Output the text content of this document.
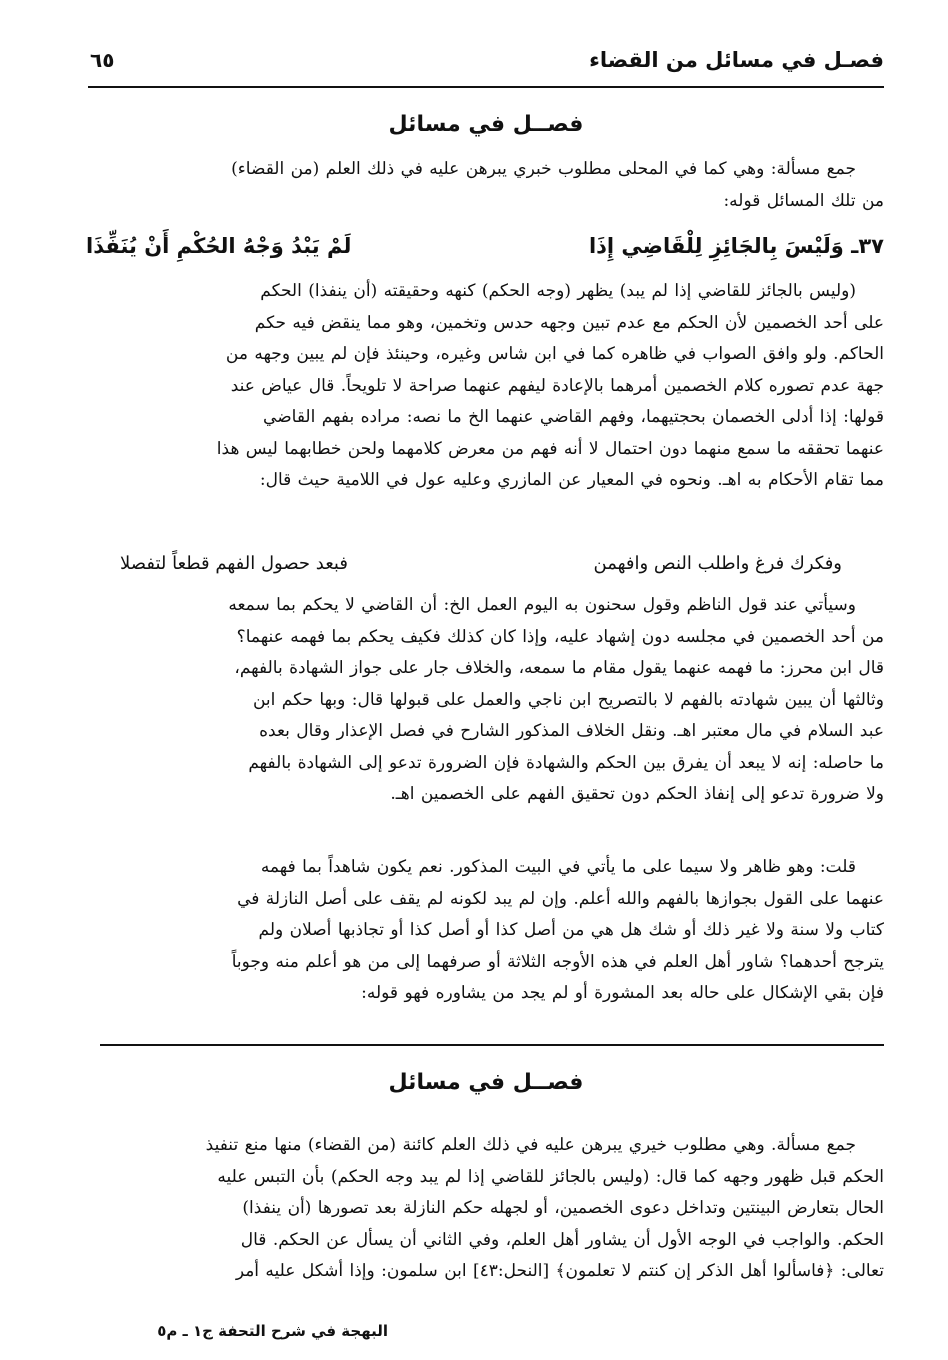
فصـل في مسائل من القضاء
٦٥
فصــل في مسائل

جمع مسألة: وهي كما في المحلى مطلوب خبري يبرهن عليه في ذلك العلم (من القضاء)

من تلك المسائل قوله:

٣٧ـ وَلَيْسَ بِالجَائِزِ لِلْقَاضِي إِذَا
لَمْ يَبْدُ وَجْهُ الحُكْمِ أَنْ يُنَفِّذَا

(وليس بالجائز للقاضي إذا لم يبد) يظهر (وجه الحكم) كنهه وحقيقته (أن ينفذا) الحكم

على أحد الخصمين لأن الحكم مع عدم تبين وجهه حدس وتخمين، وهو مما ينقض فيه حكم

الحاكم. ولو وافق الصواب في ظاهره كما في ابن شاس وغيره، وحينئذ فإن لم يبين وجهه من

جهة عدم تصوره كلام الخصمين أمرهما بالإعادة ليفهم عنهما صراحة لا تلويحاً. قال عياض عند

قولها: إذا أدلى الخصمان بحجتيهما، وفهم القاضي عنهما الخ ما نصه: مراده بفهم القاضي

عنهما تحققه ما سمع منهما دون احتمال لا أنه فهم من معرض كلامهما ولحن خطابهما ليس هذا

مما تقام الأحكام به اهـ. ونحوه في المعيار عن المازري وعليه عول في اللامية حيث قال:

وفكرك فرغ واطلب النص وافهمن
فبعد حصول الفهم قطعاً لتفصلا

وسيأتي عند قول الناظم وقول سحنون به اليوم العمل الخ: أن القاضي لا يحكم بما سمعه

من أحد الخصمين في مجلسه دون إشهاد عليه، وإذا كان كذلك فكيف يحكم بما فهمه عنهما؟

قال ابن محرز: ما فهمه عنهما يقول مقام ما سمعه، والخلاف جار على جواز الشهادة بالفهم،

وثالثها أن يبين شهادته بالفهم لا بالتصريح ابن ناجي والعمل على قبولها قال: وبها حكم ابن

عبد السلام في مال معتبر اهـ. ونقل الخلاف المذكور الشارح في فصل الإعذار وقال بعده

ما حاصله: إنه لا يبعد أن يفرق بين الحكم والشهادة فإن الضرورة تدعو إلى الشهادة بالفهم

ولا ضرورة تدعو إلى إنفاذ الحكم دون تحقيق الفهم على الخصمين اهـ.

قلت: وهو ظاهر ولا سيما على ما يأتي في البيت المذكور. نعم يكون شاهداً بما فهمه

عنهما على القول بجوازها بالفهم والله أعلم. وإن لم يبد لكونه لم يقف على أصل النازلة في

كتاب ولا سنة ولا غير ذلك أو شك هل هي من أصل كذا أو أصل كذا أو تجاذبها أصلان ولم

يترجح أحدهما؟ شاور أهل العلم في هذه الأوجه الثلاثة أو صرفهما إلى من هو أعلم منه وجوباً

فإن بقي الإشكال على حاله بعد المشورة أو لم يجد من يشاوره فهو قوله:

فصــل في مسائل

جمع مسألة. وهي مطلوب خيري يبرهن عليه في ذلك العلم كائنة (من القضاء) منها منع تنفيذ

الحكم قبل ظهور وجهه كما قال: (وليس بالجائز للقاضي إذا لم يبد وجه الحكم) بأن التبس عليه

الحال بتعارض البينتين وتداخل دعوى الخصمين، أو لجهله حكم النازلة بعد تصورها (أن ينفذا)

الحكم. والواجب في الوجه الأول أن يشاور أهل العلم، وفي الثاني أن يسأل عن الحكم. قال

تعالى: ﴿فاسألوا أهل الذكر إن كنتم لا تعلمون﴾ [النحل:٤٣] ابن سلمون: وإذا أشكل عليه أمر

البهجة في شرح التحفة ج١ ـ م٥
